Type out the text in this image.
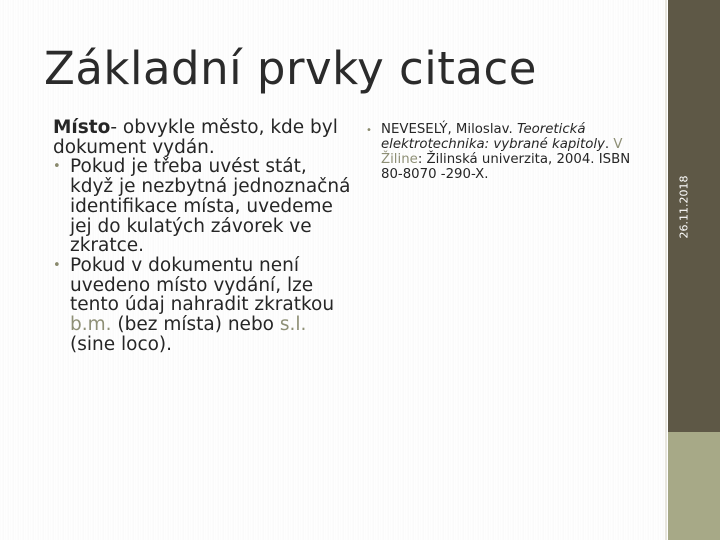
26.11.2018
Základní prvky citace

Místo- obvykle město, kde byl dokument vydán.

• Pokud je třeba uvést stát, když je nezbytná jednoznačná identifikace místa, uvedeme jej do kulatých závorek ve zkratce.
• Pokud v dokumentu není uvedeno místo vydání, lze tento údaj nahradit zkratkou b.m. (bez místa) nebo s.l. (sine loco).

• NEVESELÝ, Miloslav. Teoretická elektrotechnika: vybrané kapitoly. V Žiline: Žilinská univerzita, 2004. ISBN 80-8070 -290-X.
